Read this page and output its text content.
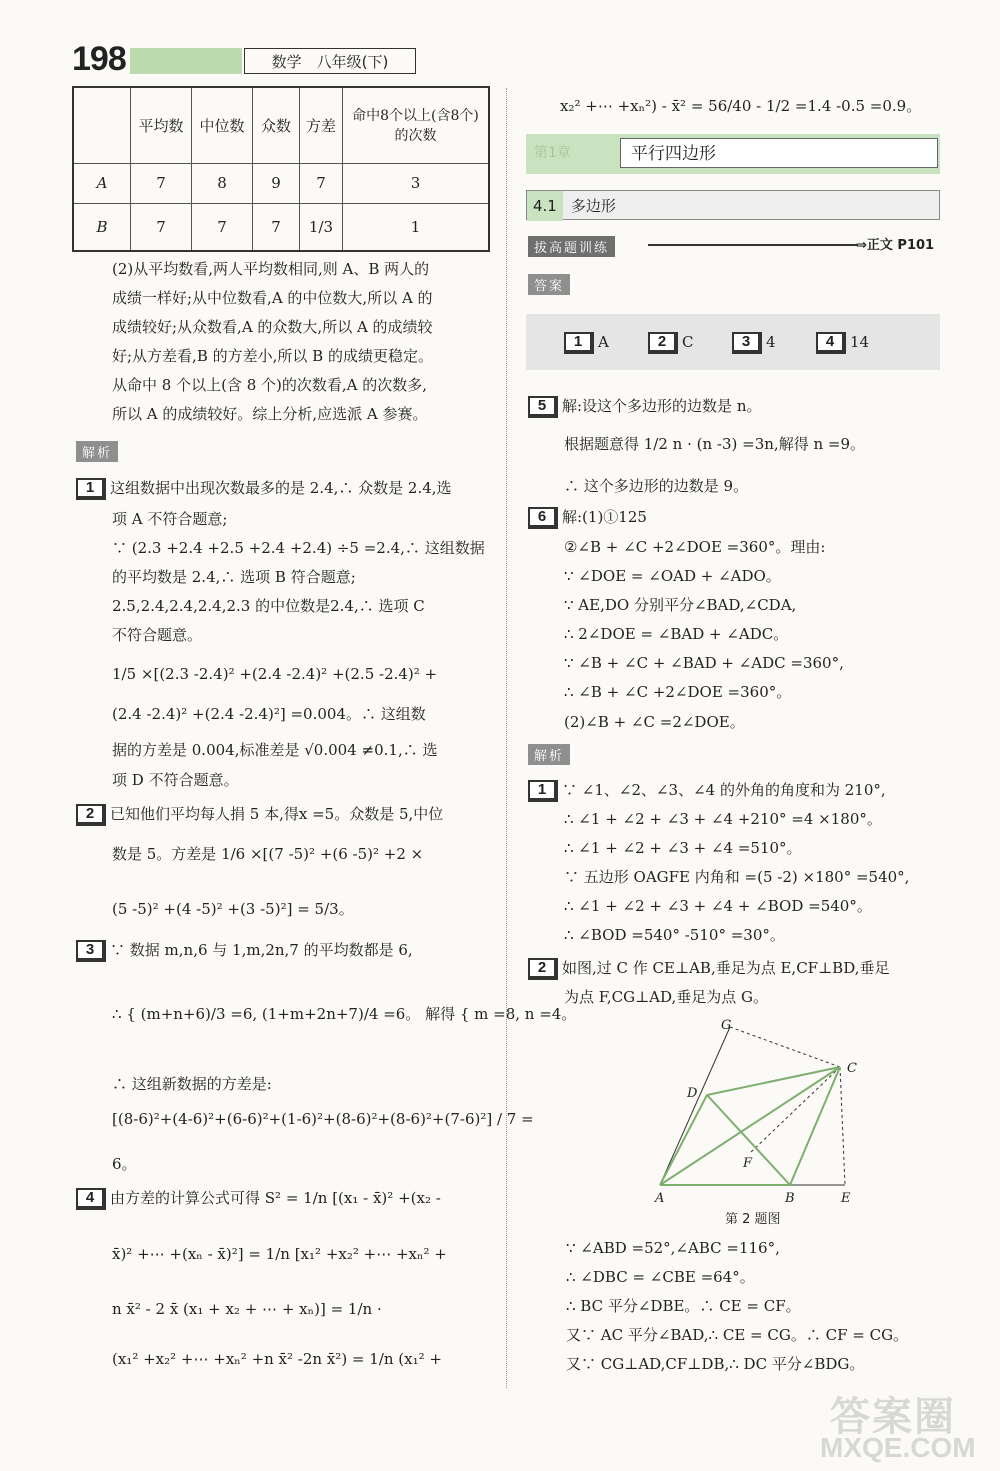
198	数学　八年级(下)
	平均数	中位数	众数	方差	命中8个以上(含8个)的次数
A	7	8	9	7	3
B	7	7	7	1/3	1
(2)从平均数看,两人平均数相同,则 A、B 两人的
成绩一样好;从中位数看,A 的中位数大,所以 A 的
成绩较好;从众数看,A 的众数大,所以 A 的成绩较
好;从方差看,B 的方差小,所以 B 的成绩更稳定。
从命中 8 个以上(含 8 个)的次数看,A 的次数多,
所以 A 的成绩较好。综上分析,应选派 A 参赛。
解析
1 这组数据中出现次数最多的是 2.4,∴ 众数是 2.4,选
项 A 不符合题意;
∵ (2.3 +2.4 +2.5 +2.4 +2.4) ÷5 =2.4,∴ 这组数据
的平均数是 2.4,∴ 选项 B 符合题意;
2.5,2.4,2.4,2.4,2.3 的中位数是2.4,∴ 选项 C
不符合题意。
1/5 ×[(2.3 -2.4)² +(2.4 -2.4)² +(2.5 -2.4)² +
(2.4 -2.4)² +(2.4 -2.4)²] =0.004。∴ 这组数
据的方差是 0.004,标准差是 √0.004 ≠0.1,∴ 选
项 D 不符合题意。
2 已知他们平均每人捐 5 本,得x =5。众数是 5,中位
数是 5。方差是 1/6 ×[(7 -5)² +(6 -5)² +2 ×
(5 -5)² +(4 -5)² +(3 -5)²] = 5/3。
3 ∵ 数据 m,n,6 与 1,m,2n,7 的平均数都是 6,
∴ { (m+n+6)/3 =6, (1+m+2n+7)/4 =6。 解得 { m =8, n =4。
∴ 这组新数据的方差是:
[(8-6)²+(4-6)²+(6-6)²+(1-6)²+(8-6)²+(8-6)²+(7-6)²] / 7 =
6。
4 由方差的计算公式可得 S² = 1/n [(x₁ - x̄)² +(x₂ -
x̄)² +⋯ +(xₙ - x̄)²] = 1/n [x₁² +x₂² +⋯ +xₙ² +
n x̄² - 2 x̄ (x₁ + x₂ + ⋯ + xₙ)] = 1/n ·
(x₁² +x₂² +⋯ +xₙ² +n x̄² -2n x̄²) = 1/n (x₁² +
x₂² +⋯ +xₙ²) - x̄² = 56/40 - 1/2 =1.4 -0.5 =0.9。
第1章	平行四边形
4.1 多边形
拔高题训练	⇒正文 P101
答案
1 A	2 C	3 4	4 14
5 解:设这个多边形的边数是 n。
根据题意得 1/2 n · (n -3) =3n,解得 n =9。
∴ 这个多边形的边数是 9。
6 解:(1)①125
②∠B + ∠C +2∠DOE =360°。理由:
∵ ∠DOE = ∠OAD + ∠ADO。
∵ AE,DO 分别平分∠BAD,∠CDA,
∴ 2∠DOE = ∠BAD + ∠ADC。
∵ ∠B + ∠C + ∠BAD + ∠ADC =360°,
∴ ∠B + ∠C +2∠DOE =360°。
(2)∠B + ∠C =2∠DOE。
解析
1 ∵ ∠1、∠2、∠3、∠4 的外角的角度和为 210°,
∴ ∠1 + ∠2 + ∠3 + ∠4 +210° =4 ×180°。
∴ ∠1 + ∠2 + ∠3 + ∠4 =510°。
∵ 五边形 OAGFE 内角和 =(5 -2) ×180° =540°,
∴ ∠1 + ∠2 + ∠3 + ∠4 + ∠BOD =540°。
∴ ∠BOD =540° -510° =30°。
2 如图,过 C 作 CE⊥AB,垂足为点 E,CF⊥BD,垂足
为点 F,CG⊥AD,垂足为点 G。
G
C
D
F
A	B	E
第 2 题图
∵ ∠ABD =52°,∠ABC =116°,
∴ ∠DBC = ∠CBE =64°。
∴ BC 平分∠DBE。∴ CE = CF。
又∵ AC 平分∠BAD,∴ CE = CG。∴ CF = CG。
又∵ CG⊥AD,CF⊥DB,∴ DC 平分∠BDG。
答案圈
MXQE.COM
